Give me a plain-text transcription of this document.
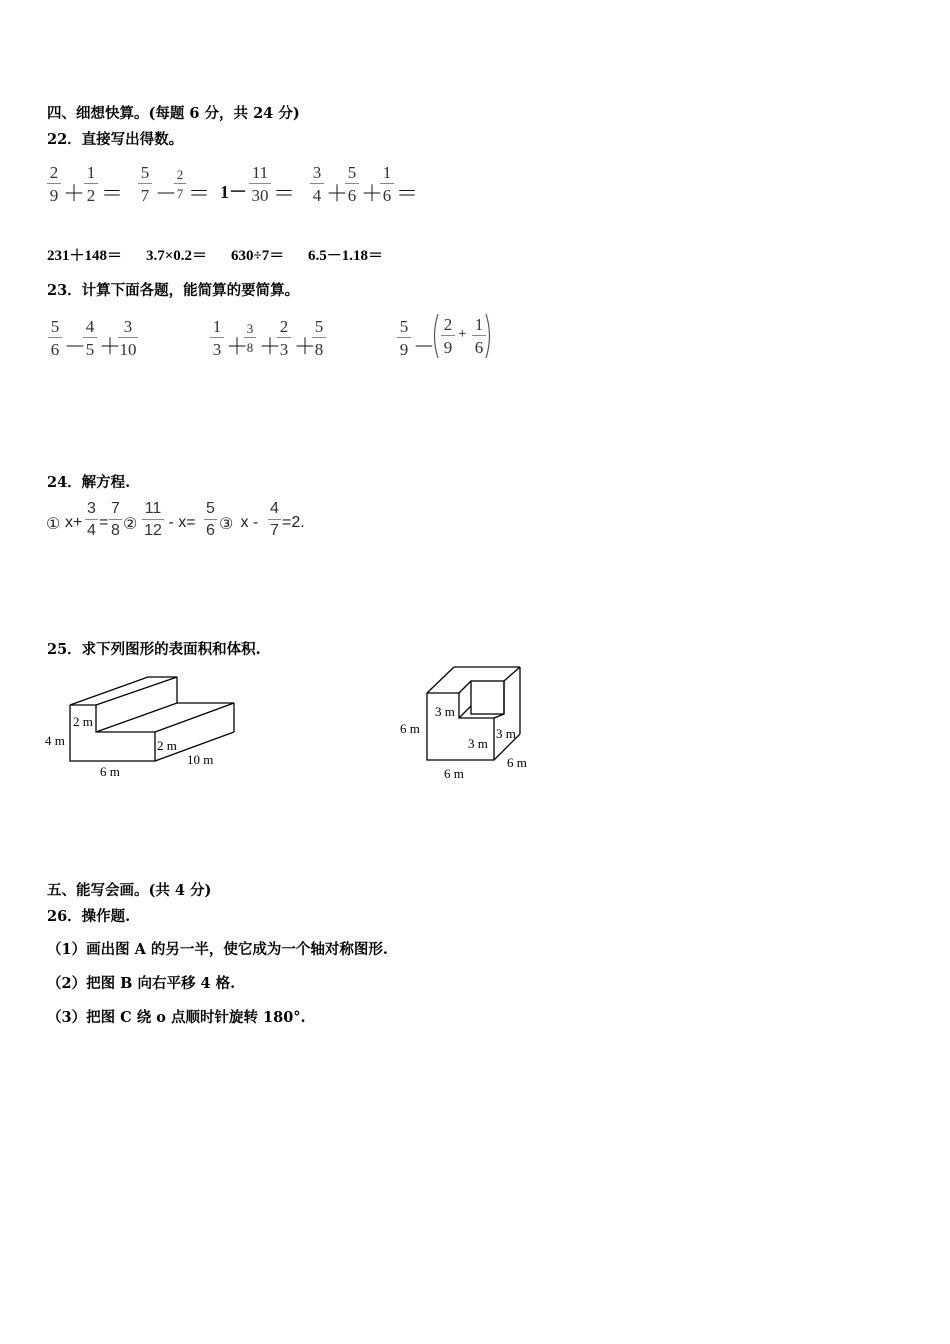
四、细想快算。(每题 6 分，共 24 分)
22．直接写出得数。
2
9 ＋
1
2 ＝
5
7 －
2
7 ＝ 1－
11
30 ＝
3
4 ＋
5
6 ＋
1
6 ＝
231＋148＝ 3.7×0.2＝ 630÷7＝ 6.5－1.18＝
23．计算下面各题，能简算的要简算。
5
6 －
4
5 ＋
3
10
1
3 ＋
3
8 ＋
2
3 ＋
5
8
5
9 －
2
9
+ 1
6
24．解方程.
① x+
3
4 =
7
8 ②
11
12 - x=
5
6 ③ x -
4
7 =2.
25．求下列图形的表面积和体积.
2 m
4 m	2 m
10 m
6 m
3 m
6 m
3 m
3 m
6 m
6 m
五、能写会画。(共 4 分)
26．操作题.
（1）画出图 A 的另一半，使它成为一个轴对称图形.
（2）把图 B 向右平移 4 格.
（3）把图 C 绕 o 点顺时针旋转 180°.
